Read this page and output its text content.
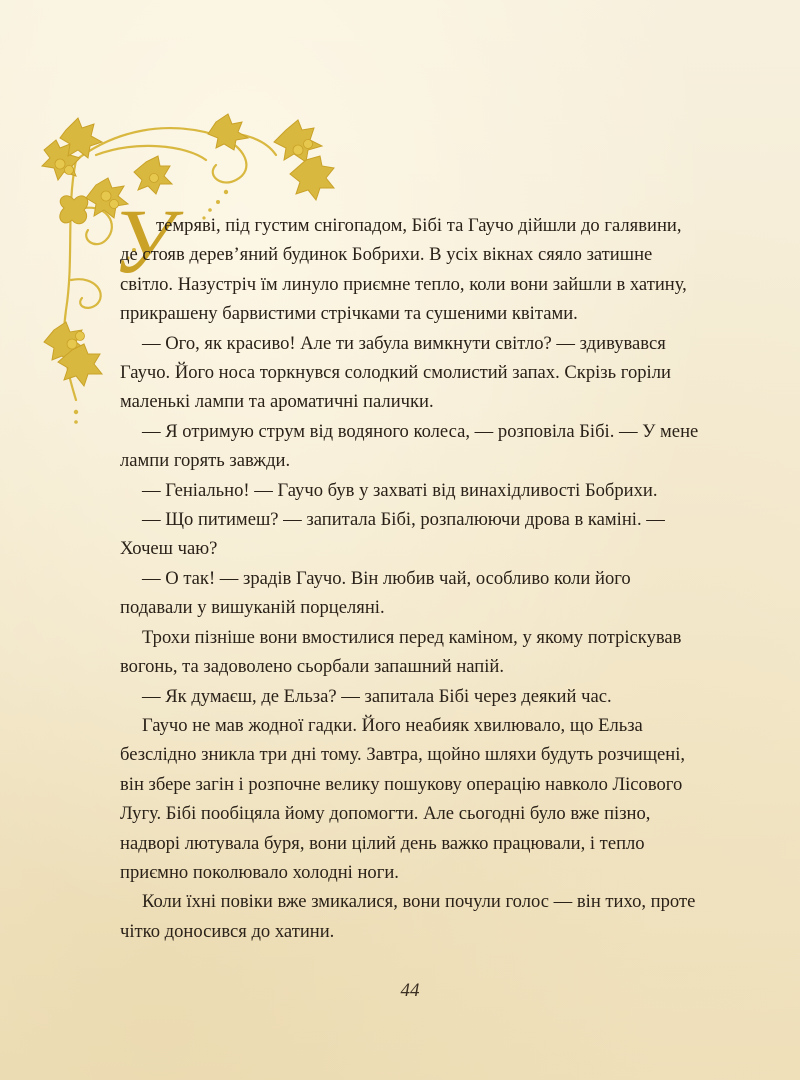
У

темряві, під густим снігопадом, Бібі та Гаучо дійшли до галявини, де стояв дерев’яний будинок Бобрихи. В усіх вікнах сяяло затишне світло. Назустріч їм линуло приємне тепло, коли вони зайшли в хатину, прикрашену барвистими стрічками та сушеними квітами.

— Ого, як красиво! Але ти забула вимкнути світло? — здивувався Гаучо. Його носа торкнувся солодкий смолистий запах. Скрізь горіли маленькі лампи та ароматичні палички.

— Я отримую струм від водяного колеса, — розповіла Бібі. — У мене лампи горять завжди.

— Геніально! — Гаучо був у захваті від винахідливості Бобрихи.

— Що питимеш? — запитала Бібі, розпалюючи дрова в каміні. — Хочеш чаю?

— О так! — зрадів Гаучо. Він любив чай, особливо коли його подавали у вишуканій порцеляні.

Трохи пізніше вони вмостилися перед каміном, у якому потріскував вогонь, та задоволено сьорбали запашний напій.

— Як думаєш, де Ельза? — запитала Бібі через деякий час.

Гаучо не мав жодної гадки. Його неабияк хвилювало, що Ельза безслідно зникла три дні тому. Завтра, щойно шляхи будуть розчищені, він збере загін і розпочне велику пошукову операцію навколо Лісового Лугу. Бібі пообіцяла йому допомогти. Але сьогодні було вже пізно, надворі лютувала буря, вони цілий день важко працювали, і тепло приємно поколювало холодні ноги.

Коли їхні повіки вже змикалися, вони почули голос — він тихо, проте чітко доносився до хатини.

44
